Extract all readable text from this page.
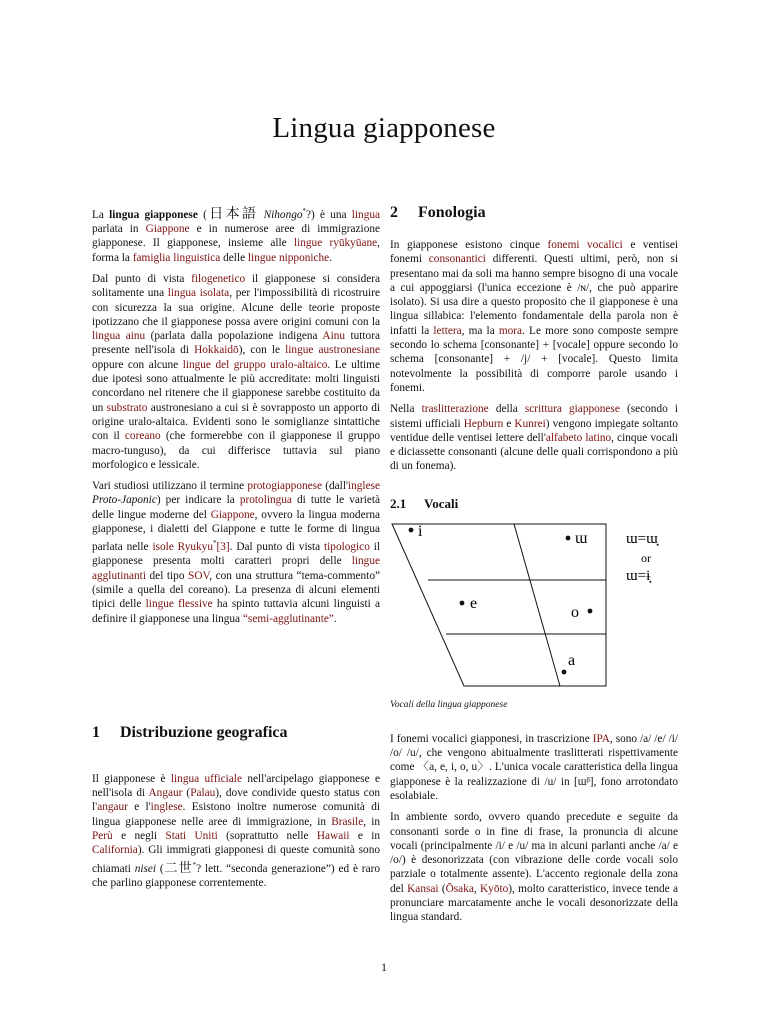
Lingua giapponese

La lingua giapponese (日本語 Nihongo*?) è una lingua parlata in Giappone e in numerose aree di immigrazione giapponese. Il giapponese, insieme alle lingue ryūkyūane, forma la famiglia linguistica delle lingue nipponiche.

Dal punto di vista filogenetico il giapponese si considera solitamente una lingua isolata, per l'impossibilità di ricostruire con sicurezza la sua origine. Alcune delle teorie proposte ipotizzano che il giapponese possa avere origini comuni con la lingua ainu (parlata dalla popolazione indigena Ainu tuttora presente nell'isola di Hokkaidō), con le lingue austronesiane oppure con alcune lingue del gruppo uralo-altaico. Le ultime due ipotesi sono attualmente le più accreditate: molti linguisti concordano nel ritenere che il giapponese sarebbe costituito da un substrato austronesiano a cui si è sovrapposto un apporto di origine uralo-altaica. Evidenti sono le somiglianze sintattiche con il coreano (che formerebbe con il giapponese il gruppo macro-tunguso), da cui differisce tuttavia sul piano morfologico e lessicale.

Vari studiosi utilizzano il termine protogiapponese (dall'inglese Proto-Japonic) per indicare la protolingua di tutte le varietà delle lingue moderne del Giappone, ovvero la lingua moderna giapponese, i dialetti del Giappone e tutte le forme di lingua parlata nelle isole Ryukyu*[3]. Dal punto di vista tipologico il giapponese presenta molti caratteri propri delle lingue agglutinanti del tipo SOV, con una struttura “tema-commento” (simile a quella del coreano). La presenza di alcuni elementi tipici delle lingue flessive ha spinto tuttavia alcuni linguisti a definire il giapponese una lingua “semi-agglutinante”.

1 Distribuzione geografica

Il giapponese è lingua ufficiale nell'arcipelago giapponese e nell'isola di Angaur (Palau), dove condivide questo status con l'angaur e l'inglese. Esistono inoltre numerose comunità di lingua giapponese nelle aree di immigrazione, in Brasile, in Perù e negli Stati Uniti (soprattutto nelle Hawaii e in California). Gli immigrati giapponesi di queste comunità sono chiamati nisei (二世*? lett. “seconda generazione”) ed è raro che parlino giapponese correntemente.

2 Fonologia

In giapponese esistono cinque fonemi vocalici e ventisei fonemi consonantici differenti. Questi ultimi, però, non si presentano mai da soli ma hanno sempre bisogno di una vocale a cui appoggiarsi (l'unica eccezione è /ɴ/, che può apparire isolato). Si usa dire a questo proposito che il giapponese è una lingua sillabica: l'elemento fondamentale della parola non è infatti la lettera, ma la mora. Le more sono composte sempre secondo lo schema [consonante] + [vocale] oppure secondo lo schema [consonante] + /j/ + [vocale]. Questo limita notevolmente la possibilità di comporre parole usando i fonemi.

Nella traslitterazione della scrittura giapponese (secondo i sistemi ufficiali Hepburn e Kunrei) vengono impiegate soltanto ventidue delle ventisei lettere dell'alfabeto latino, cinque vocali e diciassette consonanti (alcune delle quali corrispondono a più di un fonema).

2.1 Vocali
i	ɯ
e
o
a
ɯ=ɯ̟
or
ɯ=ɨ̟

Vocali della lingua giapponese

I fonemi vocalici giapponesi, in trascrizione IPA, sono /a/ /e/ /i/ /o/ /u/, che vengono abitualmente traslitterati rispettivamente come 〈a, e, i, o, u〉. L'unica vocale caratteristica della lingua giapponese è la realizzazione di /u/ in [ɯᵝ], fono arrotondato esolabiale.

In ambiente sordo, ovvero quando precedute e seguite da consonanti sorde o in fine di frase, la pronuncia di alcune vocali (principalmente /i/ e /u/ ma in alcuni parlanti anche /a/ e /o/) è desonorizzata (con vibrazione delle corde vocali solo parziale o totalmente assente). L'accento regionale della zona del Kansai (Ōsaka, Kyōto), molto caratteristico, invece tende a pronunciare marcatamente anche le vocali desonorizzate della lingua standard.

1
